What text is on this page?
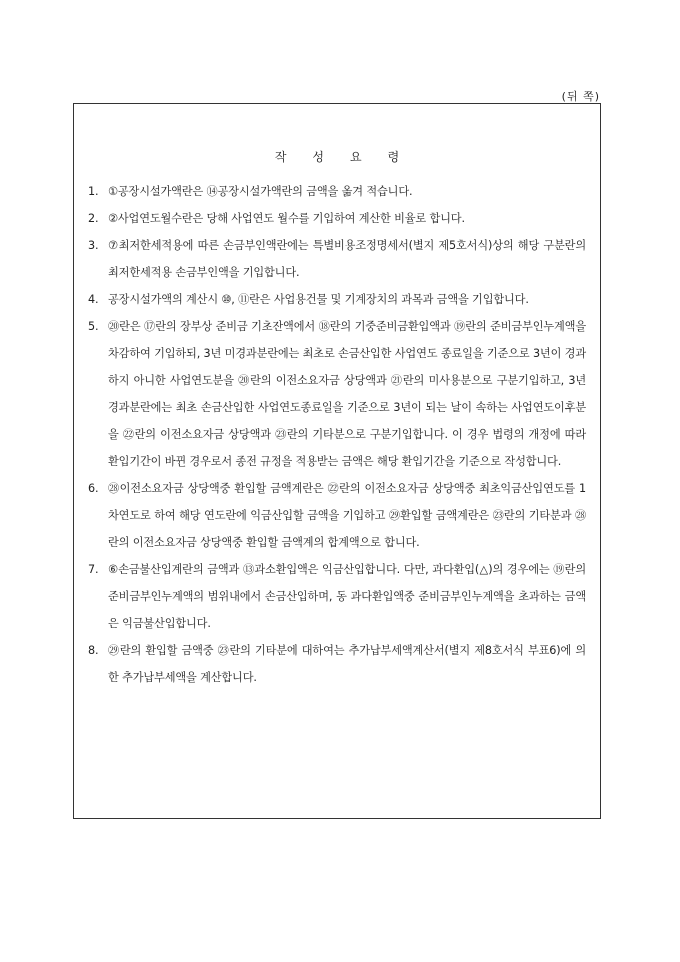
(뒤 쪽)
작 성 요 령
1. ①공장시설가액란은 ⑭공장시설가액란의 금액을 옮겨 적습니다.
2. ②사업연도월수란은 당해 사업연도 월수를 기입하여 계산한 비율로 합니다.
3. ⑦최저한세적용에 따른 손금부인액란에는 특별비용조정명세서(별지 제5호서식)상의 해당 구분란의 최저한세적용 손금부인액을 기입합니다.
4. 공장시설가액의 계산시 ⑩, ⑪란은 사업용건물 및 기계장치의 과목과 금액을 기입합니다.
5. ⑳란은 ⑰란의 장부상 준비금 기초잔액에서 ⑱란의 기중준비금환입액과 ⑲란의 준비금부인누계액을 차감하여 기입하되, 3년 미경과분란에는 최초로 손금산입한 사업연도 종료일을 기준으로 3년이 경과하지 아니한 사업연도분을 ⑳란의 이전소요자금 상당액과 ㉑란의 미사용분으로 구분기입하고, 3년 경과분란에는 최초 손금산입한 사업연도종료일을 기준으로 3년이 되는 날이 속하는 사업연도이후분을 ㉒란의 이전소요자금 상당액과 ㉓란의 기타분으로 구분기입합니다. 이 경우 법령의 개정에 따라 환입기간이 바뀐 경우로서 종전 규정을 적용받는 금액은 해당 환입기간을 기준으로 작성합니다.
6. ㉘이전소요자금 상당액중 환입할 금액계란은 ㉒란의 이전소요자금 상당액중 최초익금산입연도를 1차연도로 하여 해당 연도란에 익금산입할 금액을 기입하고 ㉙환입할 금액계란은 ㉓란의 기타분과 ㉘란의 이전소요자금 상당액중 환입할 금액계의 합계액으로 합니다.
7. ⑥손금불산입계란의 금액과 ⑬과소환입액은 익금산입합니다. 다만, 과다환입(△)의 경우에는 ⑲란의 준비금부인누계액의 범위내에서 손금산입하며, 동 과다환입액중 준비금부인누계액을 초과하는 금액은 익금불산입합니다.
8. ㉙란의 환입할 금액중 ㉓란의 기타분에 대하여는 추가납부세액계산서(별지 제8호서식 부표6)에 의한 추가납부세액을 계산합니다.
